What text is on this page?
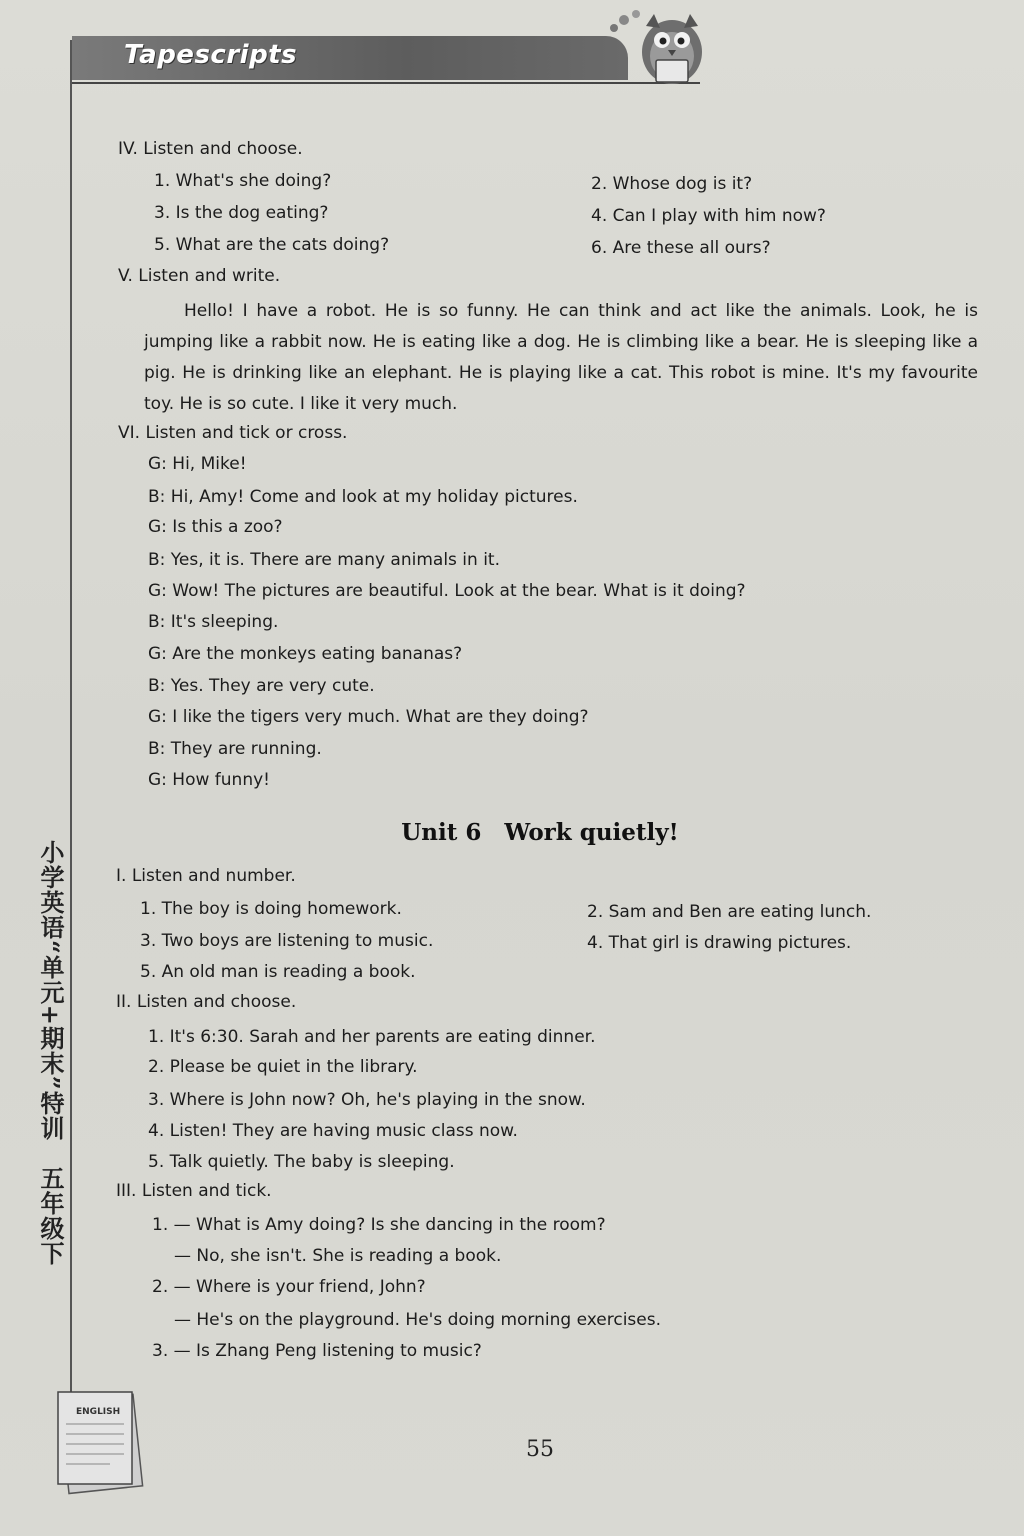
Tapescripts
小学英语“单元+期末”特训　五年级下
ENGLISH
IV. Listen and choose.
1. What's she doing?	2. Whose dog is it?
3. Is the dog eating?	4. Can I play with him now?
5. What are the cats doing?	6. Are these all ours?
V. Listen and write.
Hello! I have a robot. He is so funny. He can think and act like the animals. Look, he is jumping like a rabbit now. He is eating like a dog. He is climbing like a bear. He is sleeping like a pig. He is drinking like an elephant. He is playing like a cat. This robot is mine. It's my favourite toy. He is so cute. I like it very much.
VI. Listen and tick or cross.
G: Hi, Mike!
B: Hi, Amy! Come and look at my holiday pictures.
G: Is this a zoo?
B: Yes, it is. There are many animals in it.
G: Wow! The pictures are beautiful. Look at the bear. What is it doing?
B: It's sleeping.
G: Are the monkeys eating bananas?
B: Yes. They are very cute.
G: I like the tigers very much. What are they doing?
B: They are running.
G: How funny!
Unit 6　Work quietly!
I. Listen and number.
1. The boy is doing homework.	2. Sam and Ben are eating lunch.
3. Two boys are listening to music.	4. That girl is drawing pictures.
5. An old man is reading a book.
II. Listen and choose.
1. It's 6:30. Sarah and her parents are eating dinner.
2. Please be quiet in the library.
3. Where is John now? Oh, he's playing in the snow.
4. Listen! They are having music class now.
5. Talk quietly. The baby is sleeping.
III. Listen and tick.
1. — What is Amy doing? Is she dancing in the room?
— No, she isn't. She is reading a book.
2. — Where is your friend, John?
— He's on the playground. He's doing morning exercises.
3. — Is Zhang Peng listening to music?
55
